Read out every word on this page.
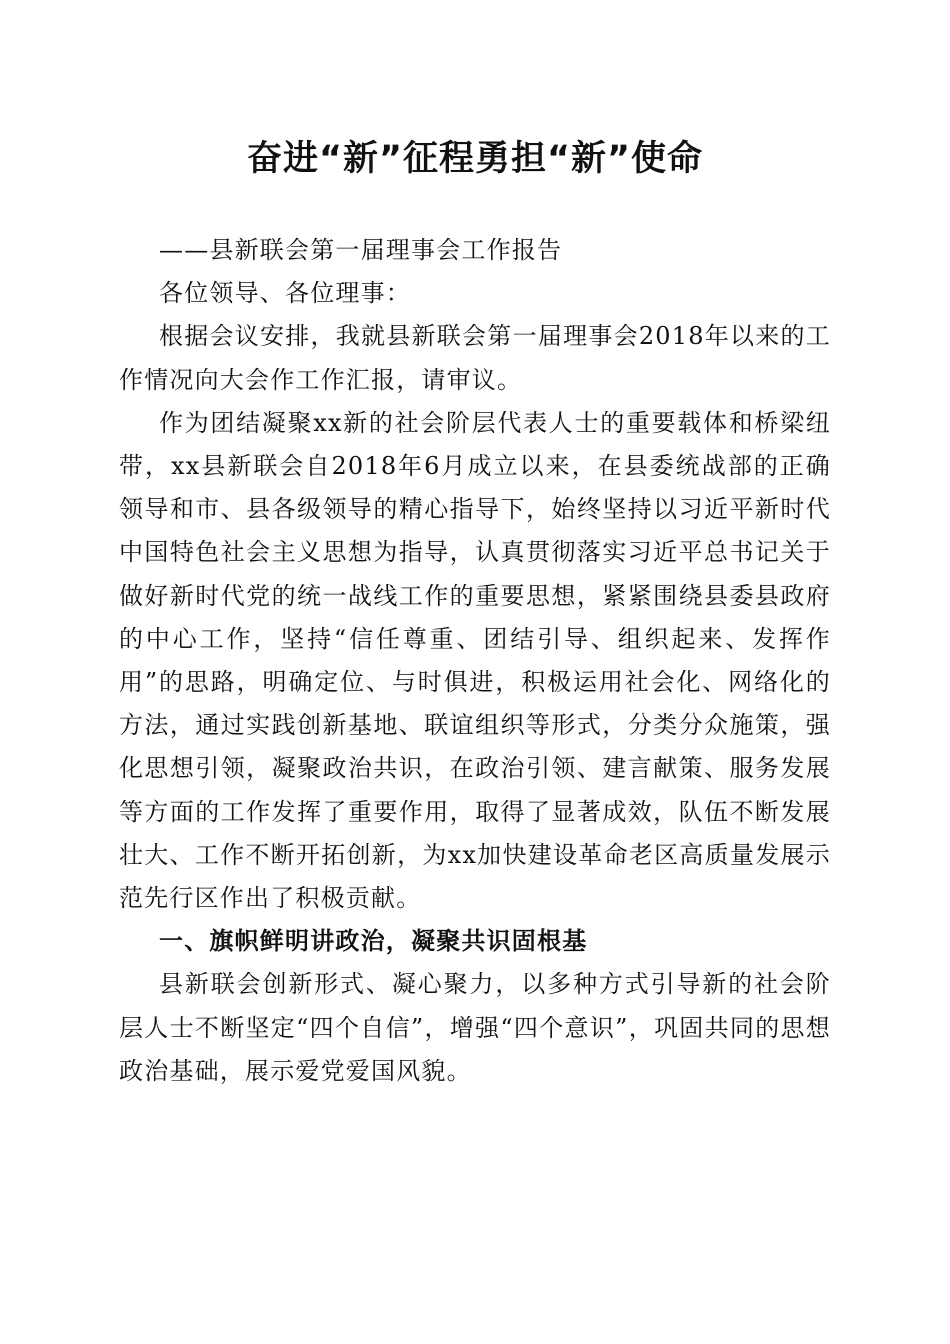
奋进“新”征程勇担“新”使命

——县新联会第一届理事会工作报告

各位领导、各位理事：

根据会议安排，我就县新联会第一届理事会2018年以来的工作情况向大会作工作汇报，请审议。

作为团结凝聚xx新的社会阶层代表人士的重要载体和桥梁纽带，xx县新联会自2018年6月成立以来，在县委统战部的正确领导和市、县各级领导的精心指导下，始终坚持以习近平新时代中国特色社会主义思想为指导，认真贯彻落实习近平总书记关于做好新时代党的统一战线工作的重要思想，紧紧围绕县委县政府的中心工作，坚持“信任尊重、团结引导、组织起来、发挥作用”的思路，明确定位、与时俱进，积极运用社会化、网络化的方法，通过实践创新基地、联谊组织等形式，分类分众施策，强化思想引领，凝聚政治共识，在政治引领、建言献策、服务发展等方面的工作发挥了重要作用，取得了显著成效，队伍不断发展壮大、工作不断开拓创新，为xx加快建设革命老区高质量发展示范先行区作出了积极贡献。

一、旗帜鲜明讲政治，凝聚共识固根基

县新联会创新形式、凝心聚力，以多种方式引导新的社会阶层人士不断坚定“四个自信”，增强“四个意识”，巩固共同的思想政治基础，展示爱党爱国风貌。
